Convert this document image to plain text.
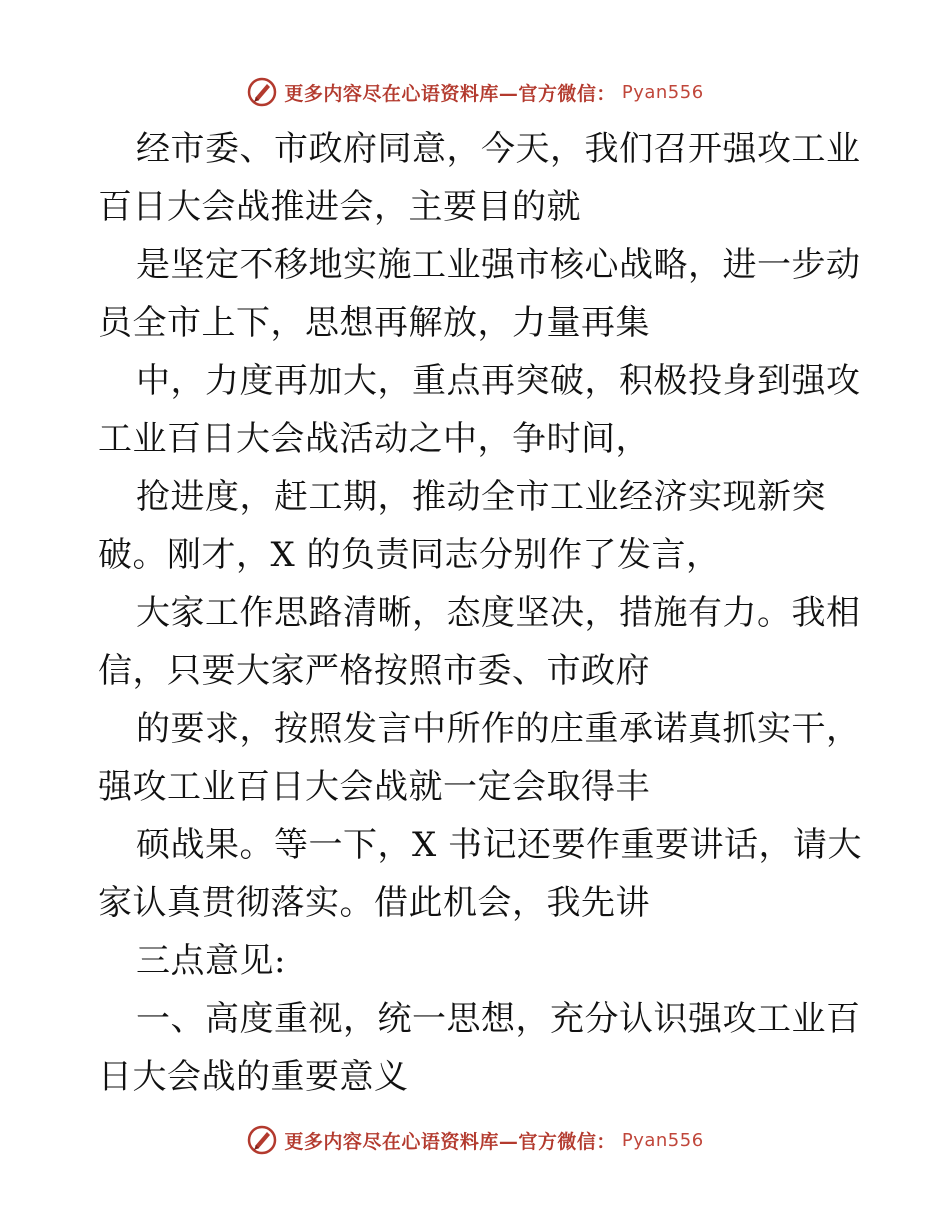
更多内容尽在心语资料库—官方微信： Pyan556
经市委、市政府同意，今天，我们召开强攻工业
百日大会战推进会，主要目的就
是坚定不移地实施工业强市核心战略，进一步动
员全市上下，思想再解放，力量再集
中，力度再加大，重点再突破，积极投身到强攻
工业百日大会战活动之中，争时间，
抢进度，赶工期，推动全市工业经济实现新突
破。刚才，X 的负责同志分别作了发言，
大家工作思路清晰，态度坚决，措施有力。我相
信，只要大家严格按照市委、市政府
的要求，按照发言中所作的庄重承诺真抓实干，
强攻工业百日大会战就一定会取得丰
硕战果。等一下，X 书记还要作重要讲话，请大
家认真贯彻落实。借此机会，我先讲
三点意见:
一、高度重视，统一思想，充分认识强攻工业百
日大会战的重要意义
更多内容尽在心语资料库—官方微信： Pyan556
